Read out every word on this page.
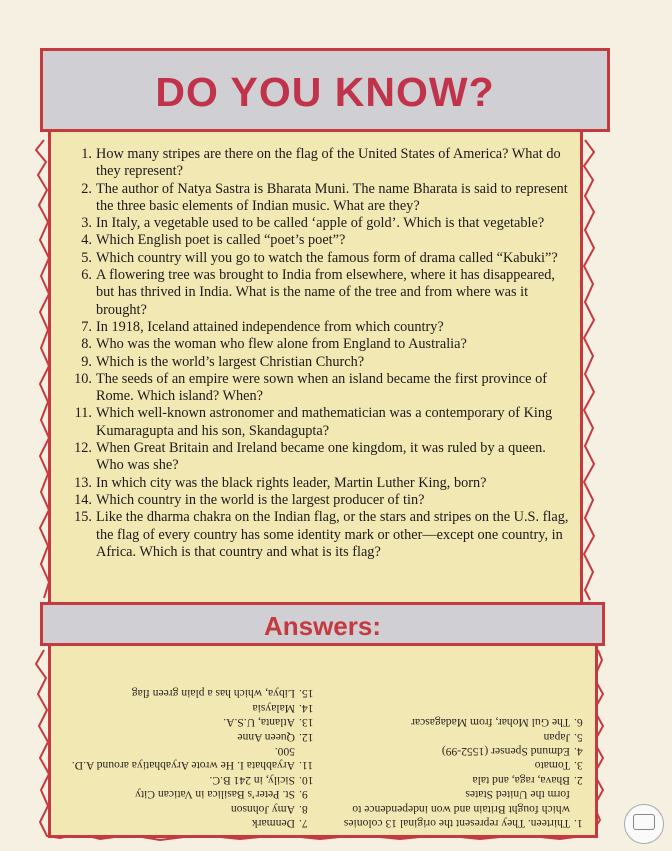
DO YOU KNOW?
1. How many stripes are there on the flag of the United States of America? What do they represent?
2. The author of Natya Sastra is Bharata Muni. The name Bharata is said to represent the three basic elements of Indian music. What are they?
3. In Italy, a vegetable used to be called ‘apple of gold’. Which is that vegetable?
4. Which English poet is called “poet’s poet”?
5. Which country will you go to watch the famous form of drama called “Kabuki”?
6. A flowering tree was brought to India from elsewhere, where it has disappeared, but has thrived in India. What is the name of the tree and from where was it brought?
7. In 1918, Iceland attained independence from which country?
8. Who was the woman who flew alone from England to Australia?
9. Which is the world’s largest Christian Church?
10. The seeds of an empire were sown when an island became the first province of Rome. Which island? When?
11. Which well-known astronomer and mathematician was a contemporary of King Kumaragupta and his son, Skandagupta?
12. When Great Britain and Ireland became one kingdom, it was ruled by a queen. Who was she?
13. In which city was the black rights leader, Martin Luther King, born?
14. Which country in the world is the largest producer of tin?
15. Like the dharma chakra on the Indian flag, or the stars and stripes on the U.S. flag, the flag of every country has some identity mark or other—except one country, in Africa. Which is that country and what is its flag?
Answers:
1.
Thirteen. They represent the original 13 colonies which fought Britain and won independence to form the United States
2.
Bhava, raga, and tala
3.
Tomato
4.
Edmund Spenser (1552-99)
5.
Japan
6.
The Gul Mohar, from Madagascar
7.
Denmark
8.
Amy Johnson
9.
St. Peter’s Basilica in Vatican City
10.
Sicily, in 241 B.C.
11.
Aryabhata I. He wrote Aryabhatiya around A.D. 500.
12.
Queen Anne
13.
Atlanta, U.S.A.
14.
Malaysia
15.
Libya, which has a plain green flag
